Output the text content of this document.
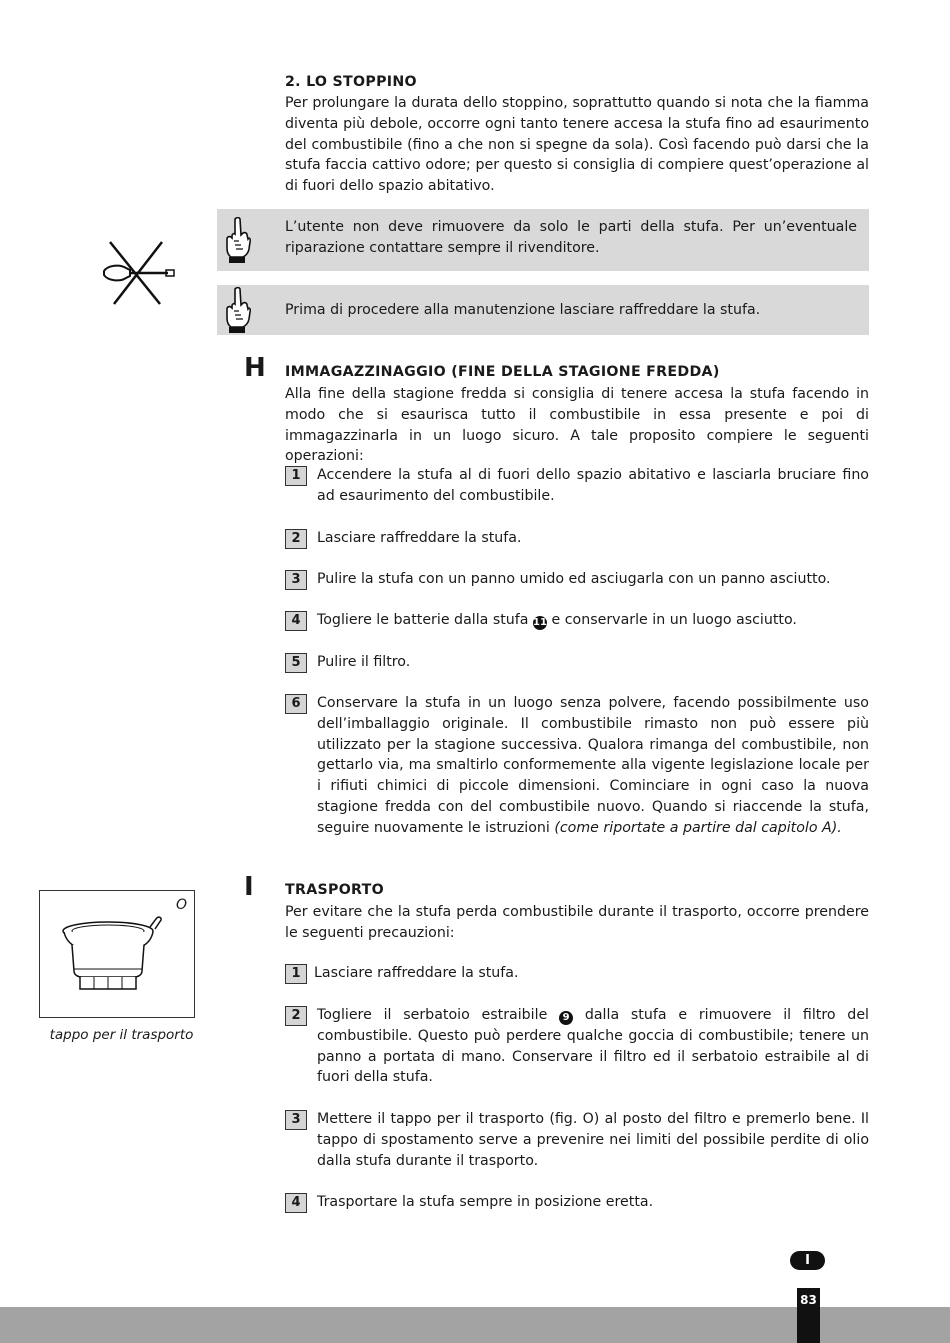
2. LO STOPPINO
Per prolungare la durata dello stoppino, soprattutto quando si nota che la fiamma diventa più debole, occorre ogni tanto tenere accesa la stufa fino ad esaurimento del combustibile (fino a che non si spegne da sola). Così facendo può darsi che la stufa faccia cattivo odore; per questo si consiglia di compiere quest’operazione al di fuori dello spazio abitativo.
L’utente non deve rimuovere da solo le parti della stufa. Per un’eventuale riparazione contattare sempre il rivenditore.
Prima di procedere alla manutenzione lasciare raffreddare la stufa.
H IMMAGAZZINAGGIO (FINE DELLA STAGIONE FREDDA)
Alla fine della stagione fredda si consiglia di tenere accesa la stufa facendo in modo che si esaurisca tutto il combustibile in essa presente e poi di immagazzinarla in un luogo sicuro. A tale proposito compiere le seguenti operazioni:
1	Accendere la stufa al di fuori dello spazio abitativo e lasciarla bruciare fino ad esaurimento del combustibile.
2	Lasciare raffreddare la stufa.
3	Pulire la stufa con un panno umido ed asciugarla con un panno asciutto.
4	Togliere le batterie dalla stufa 11 e conservarle in un luogo asciutto.
5	Pulire il filtro.
6	Conservare la stufa in un luogo senza polvere, facendo possibilmente uso dell’imballaggio originale. Il combustibile rimasto non può essere più utilizzato per la stagione successiva. Qualora rimanga del combustibile, non gettarlo via, ma smaltirlo conformemente alla vigente legislazione locale per i rifiuti chimici di piccole dimensioni. Cominciare in ogni caso la nuova stagione fredda con del combustibile nuovo. Quando si riaccende la stufa, seguire nuovamente le istruzioni (come riportate a partire dal capitolo A).
O
tappo per il trasporto
I TRASPORTO
Per evitare che la stufa perda combustibile durante il trasporto, occorre prendere le seguenti precauzioni:
1 Lasciare raffreddare la stufa.
2	Togliere il serbatoio estraibile 9 dalla stufa e rimuovere il filtro del combustibile. Questo può perdere qualche goccia di combustibile; tenere un panno a portata di mano. Conservare il filtro ed il serbatoio estraibile al di fuori della stufa.
3	Mettere il tappo per il trasporto (fig. O) al posto del filtro e premerlo bene. Il tappo di spostamento serve a prevenire nei limiti del possibile perdite di olio dalla stufa durante il trasporto.
4	Trasportare la stufa sempre in posizione eretta.
I
83
